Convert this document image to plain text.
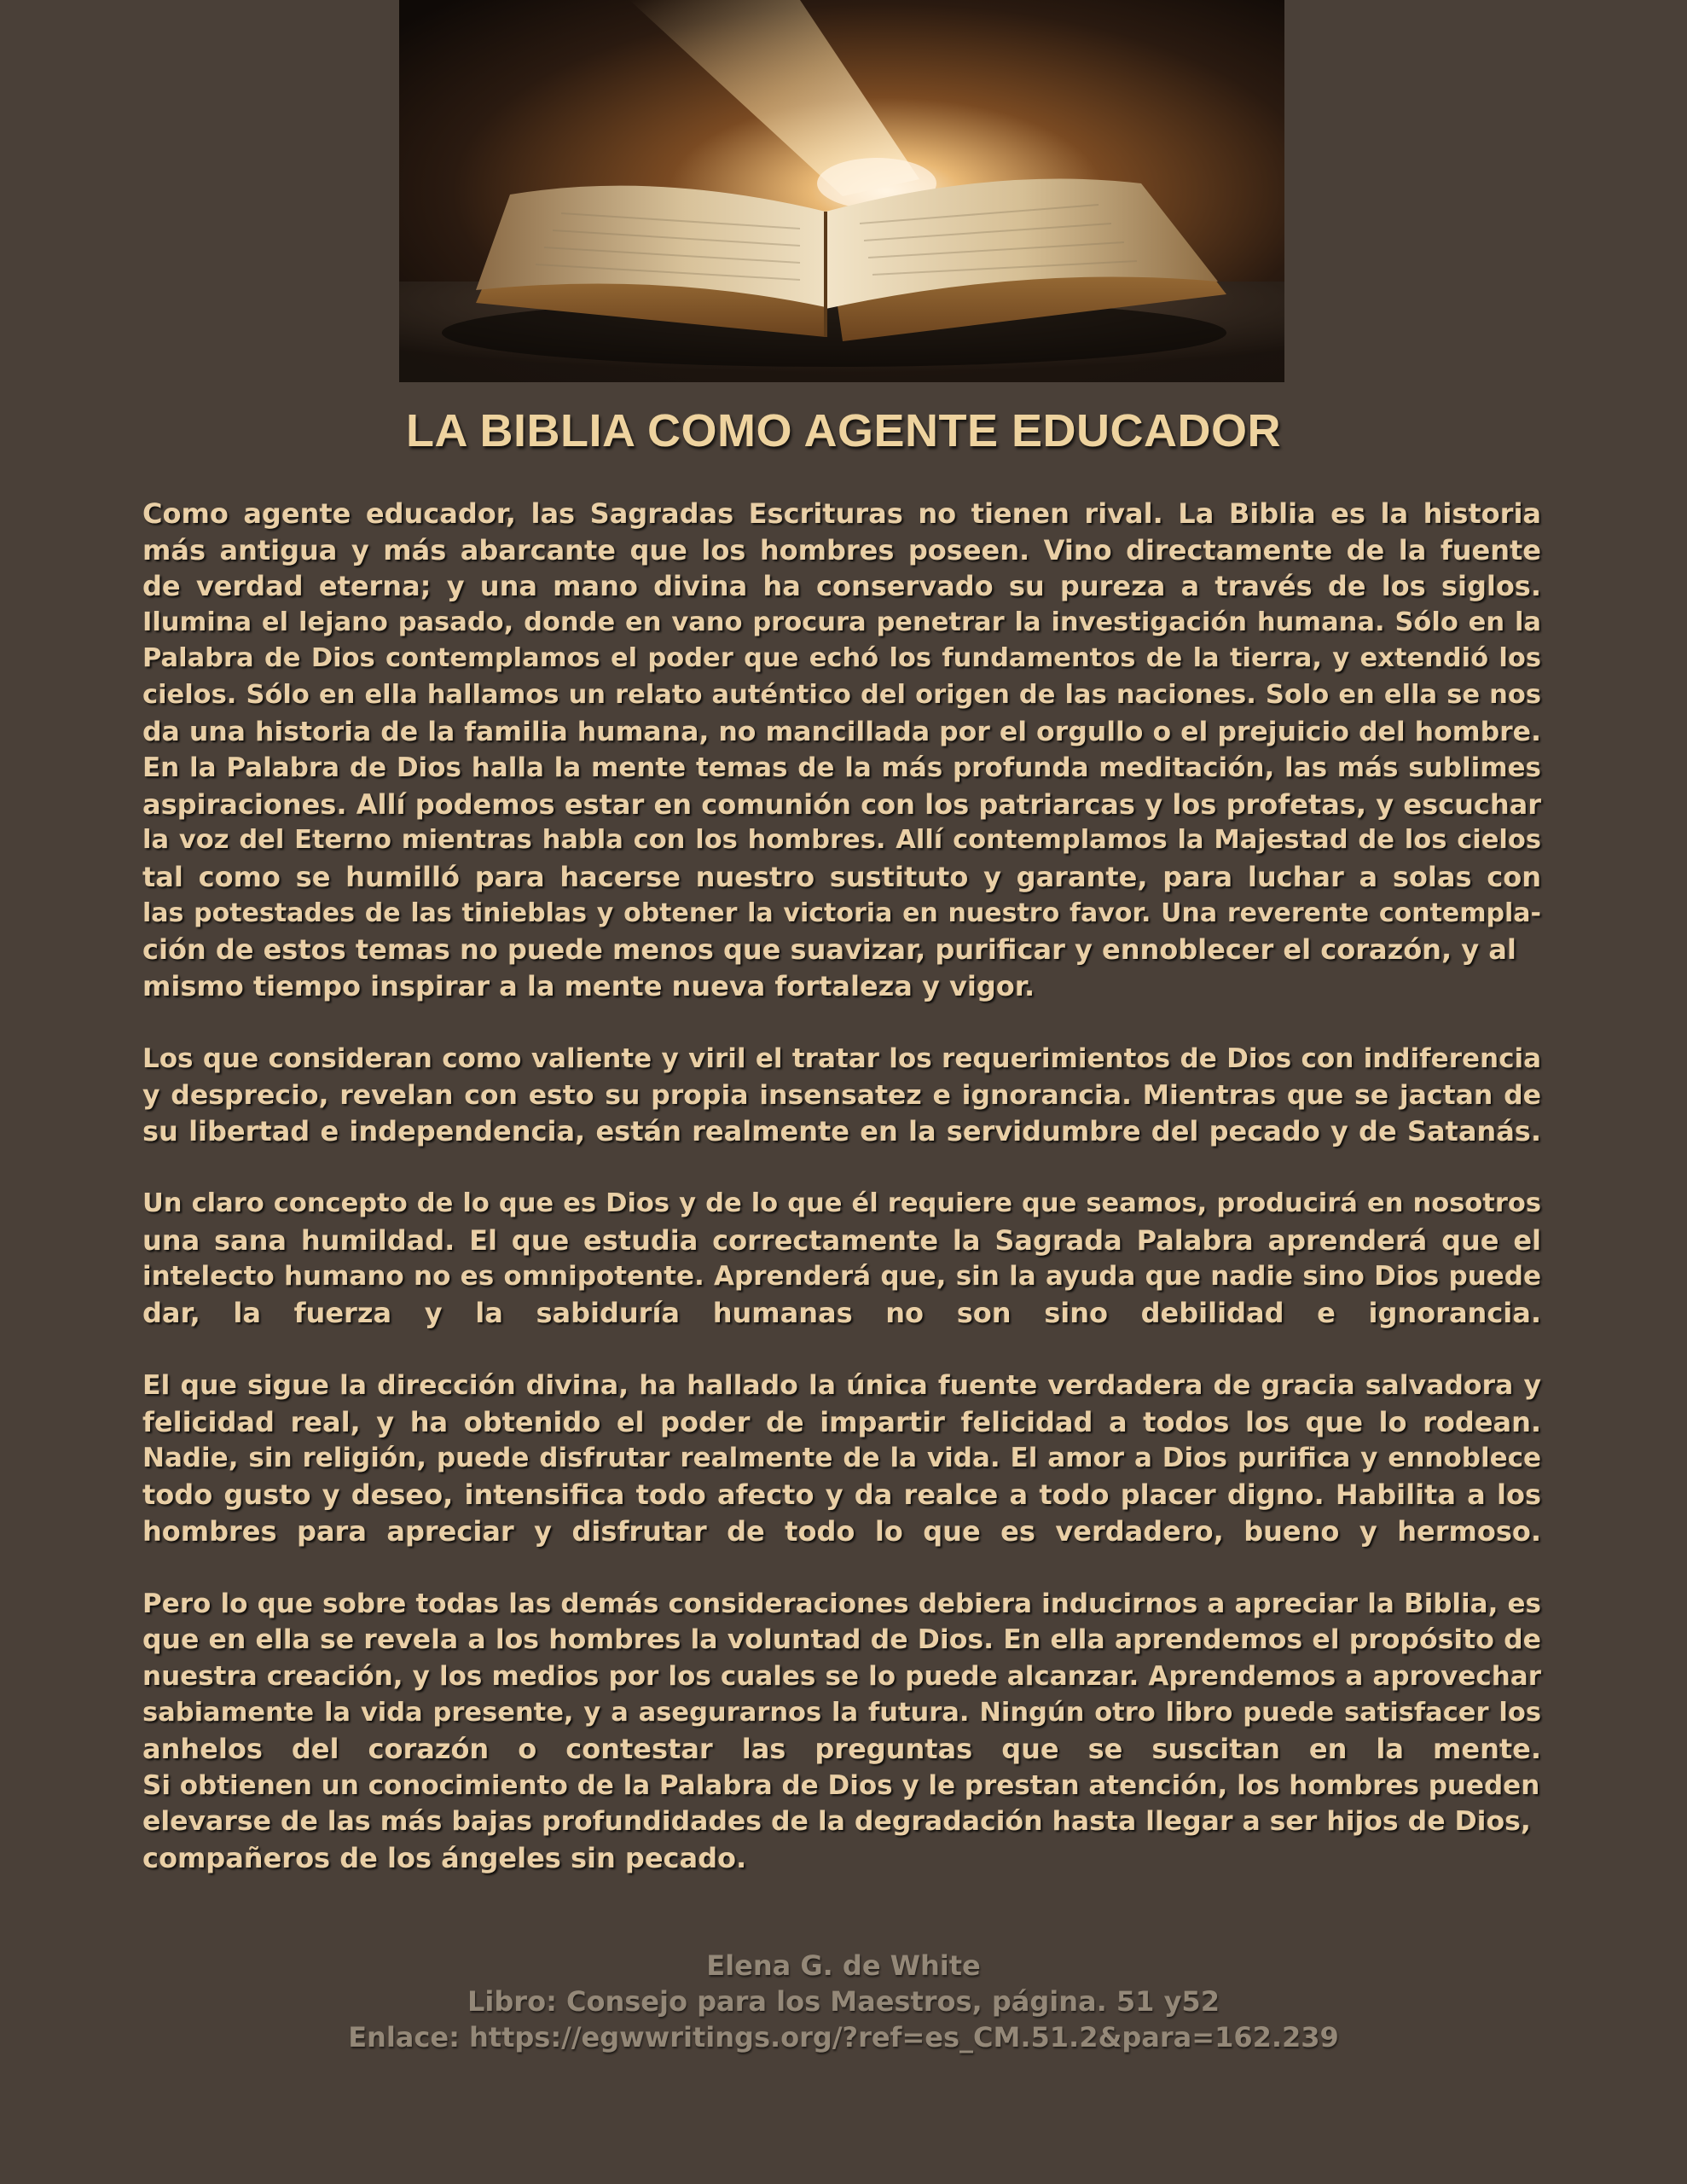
LA BIBLIA COMO AGENTE EDUCADOR

Como agente educador, las Sagradas Escrituras no tienen rival. La Biblia es la historia
más antigua y más abarcante que los hombres poseen. Vino directamente de la fuente
de verdad eterna; y una mano divina ha conservado su pureza a través de los siglos.
Ilumina el lejano pasado, donde en vano procura penetrar la investigación humana. Sólo en la
Palabra de Dios contemplamos el poder que echó los fundamentos de la tierra, y extendió los
cielos. Sólo en ella hallamos un relato auténtico del origen de las naciones. Solo en ella se nos
da una historia de la familia humana, no mancillada por el orgullo o el prejuicio del hombre.
En la Palabra de Dios halla la mente temas de la más profunda meditación, las más sublimes
aspiraciones. Allí podemos estar en comunión con los patriarcas y los profetas, y escuchar
la voz del Eterno mientras habla con los hombres. Allí contemplamos la Majestad de los cielos
tal como se humilló para hacerse nuestro sustituto y garante, para luchar a solas con
las potestades de las tinieblas y obtener la victoria en nuestro favor. Una reverente contempla-
ción de estos temas no puede menos que suavizar, purificar y ennoblecer el corazón, y al
mismo tiempo inspirar a la mente nueva fortaleza y vigor.

Los que consideran como valiente y viril el tratar los requerimientos de Dios con indiferencia
y desprecio, revelan con esto su propia insensatez e ignorancia. Mientras que se jactan de
su libertad e independencia, están realmente en la servidumbre del pecado y de Satanás.

Un claro concepto de lo que es Dios y de lo que él requiere que seamos, producirá en nosotros
una sana humildad. El que estudia correctamente la Sagrada Palabra aprenderá que el
intelecto humano no es omnipotente. Aprenderá que, sin la ayuda que nadie sino Dios puede
dar, la fuerza y la sabiduría humanas no son sino debilidad e ignorancia.

El que sigue la dirección divina, ha hallado la única fuente verdadera de gracia salvadora y
felicidad real, y ha obtenido el poder de impartir felicidad a todos los que lo rodean.
Nadie, sin religión, puede disfrutar realmente de la vida. El amor a Dios purifica y ennoblece
todo gusto y deseo, intensifica todo afecto y da realce a todo placer digno. Habilita a los
hombres para apreciar y disfrutar de todo lo que es verdadero, bueno y hermoso.

Pero lo que sobre todas las demás consideraciones debiera inducirnos a apreciar la Biblia, es
que en ella se revela a los hombres la voluntad de Dios. En ella aprendemos el propósito de
nuestra creación, y los medios por los cuales se lo puede alcanzar. Aprendemos a aprovechar
sabiamente la vida presente, y a asegurarnos la futura. Ningún otro libro puede satisfacer los
anhelos del corazón o contestar las preguntas que se suscitan en la mente.
Si obtienen un conocimiento de la Palabra de Dios y le prestan atención, los hombres pueden
elevarse de las más bajas profundidades de la degradación hasta llegar a ser hijos de Dios,
compañeros de los ángeles sin pecado.

Elena G. de White
Libro: Consejo para los Maestros, página. 51 y52
Enlace: https://egwwritings.org/?ref=es_CM.51.2&para=162.239
